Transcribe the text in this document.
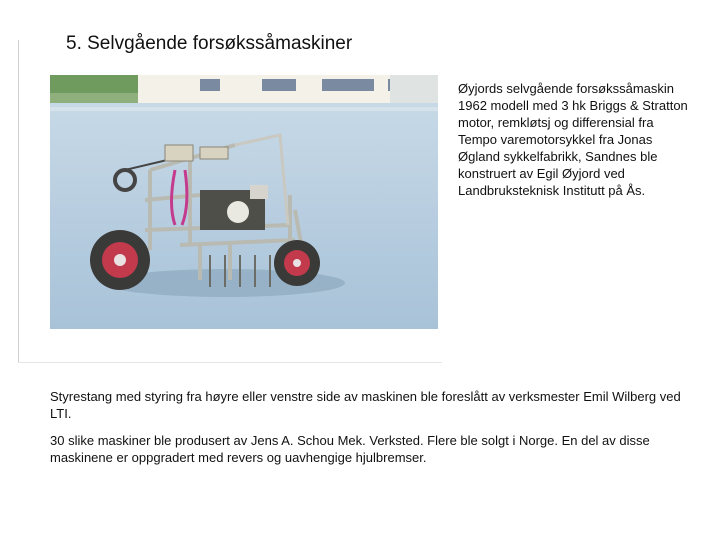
5. Selvgående forsøkssåmaskiner

Øyjords selvgående forsøkssåmaskin 1962 modell med 3 hk Briggs & Stratton motor, remkløtsj og differensial fra Tempo varemotorsykkel fra Jonas Øgland sykkelfabrikk, Sandnes ble konstruert av Egil Øyjord ved Landbruksteknisk Institutt på Ås.

Styrestang med styring fra høyre eller venstre side av maskinen ble foreslått av verksmester Emil Wilberg ved LTI.

30 slike maskiner ble produsert av Jens A. Schou Mek. Verksted. Flere ble solgt i Norge. En del av disse maskinene er oppgradert med revers og uavhengige hjulbremser.
